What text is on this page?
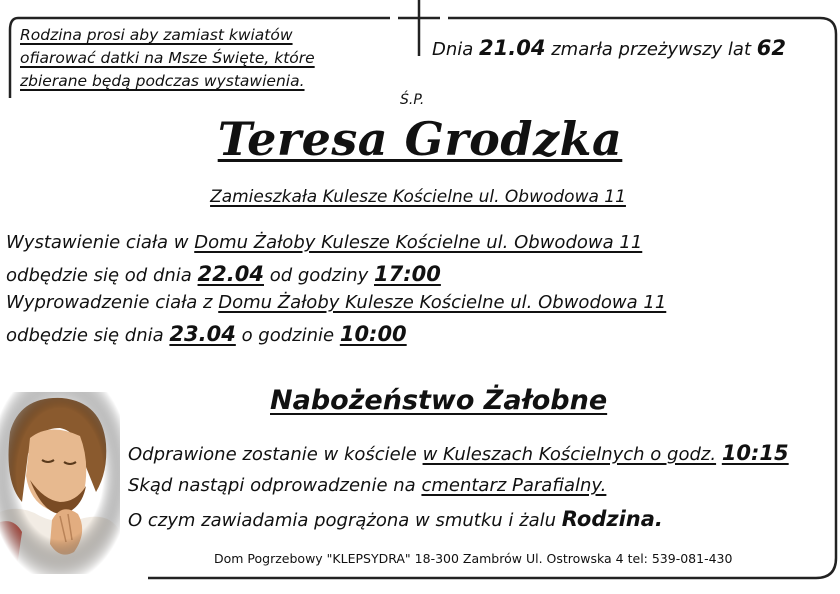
Rodzina prosi aby zamiast kwiatów
ofiarować datki na Msze Święte, które
zbierane będą podczas wystawienia.
Dnia 21.04 zmarła przeżywszy lat 62
Ś.P.
Teresa Grodzka
Zamieszkała Kulesze Kościelne ul. Obwodowa 11
Wystawienie ciała w Domu Żałoby Kulesze Kościelne ul. Obwodowa 11
odbędzie się od dnia 22.04 od godziny 17:00
Wyprowadzenie ciała z Domu Żałoby Kulesze Kościelne ul. Obwodowa 11
odbędzie się dnia 23.04 o godzinie 10:00
Nabożeństwo Żałobne
Odprawione zostanie w kościele w Kuleszach Kościelnych o godz. 10:15
Skąd nastąpi odprowadzenie na cmentarz Parafialny.
O czym zawiadamia pogrążona w smutku i żalu Rodzina.
Dom Pogrzebowy "KLEPSYDRA" 18-300 Zambrów Ul. Ostrowska 4 tel: 539-081-430
